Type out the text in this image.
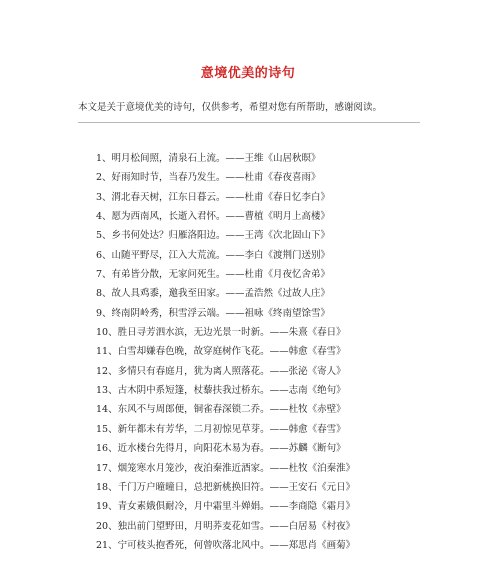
意境优美的诗句
本文是关于意境优美的诗句，仅供参考，希望对您有所帮助，感谢阅读。
1、明月松间照，清泉石上流。——王维《山居秋暝》
2、好雨知时节，当春乃发生。——杜甫《春夜喜雨》
3、渭北春天树，江东日暮云。——杜甫《春日忆李白》
4、愿为西南风，长逝入君怀。——曹植《明月上高楼》
5、乡书何处达？归雁洛阳边。——王湾《次北固山下》
6、山随平野尽，江入大荒流。——李白《渡荆门送别》
7、有弟皆分散，无家问死生。——杜甫《月夜忆舍弟》
8、故人具鸡黍，邀我至田家。——孟浩然《过故人庄》
9、终南阴岭秀，积雪浮云端。——祖咏《终南望馀雪》
10、胜日寻芳泗水滨，无边光景一时新。——朱熹《春日》
11、白雪却嫌春色晚，故穿庭树作飞花。——韩愈《春雪》
12、多情只有春庭月，犹为离人照落花。——张泌《寄人》
13、古木阴中系短篷，杖藜扶我过桥东。——志南《绝句》
14、东风不与周郎便，铜雀春深锁二乔。——杜牧《赤壁》
15、新年都未有芳华，二月初惊见草芽。——韩愈《春雪》
16、近水楼台先得月，向阳花木易为春。——苏麟《断句》
17、烟笼寒水月笼沙，夜泊秦淮近酒家。——杜牧《泊秦淮》
18、千门万户曈曈日，总把新桃换旧符。——王安石《元日》
19、青女素娥俱耐冷，月中霜里斗婵娟。——李商隐《霜月》
20、独出前门望野田，月明荞麦花如雪。——白居易《村夜》
21、宁可枝头抱香死，何曾吹落北风中。——郑思肖《画菊》
